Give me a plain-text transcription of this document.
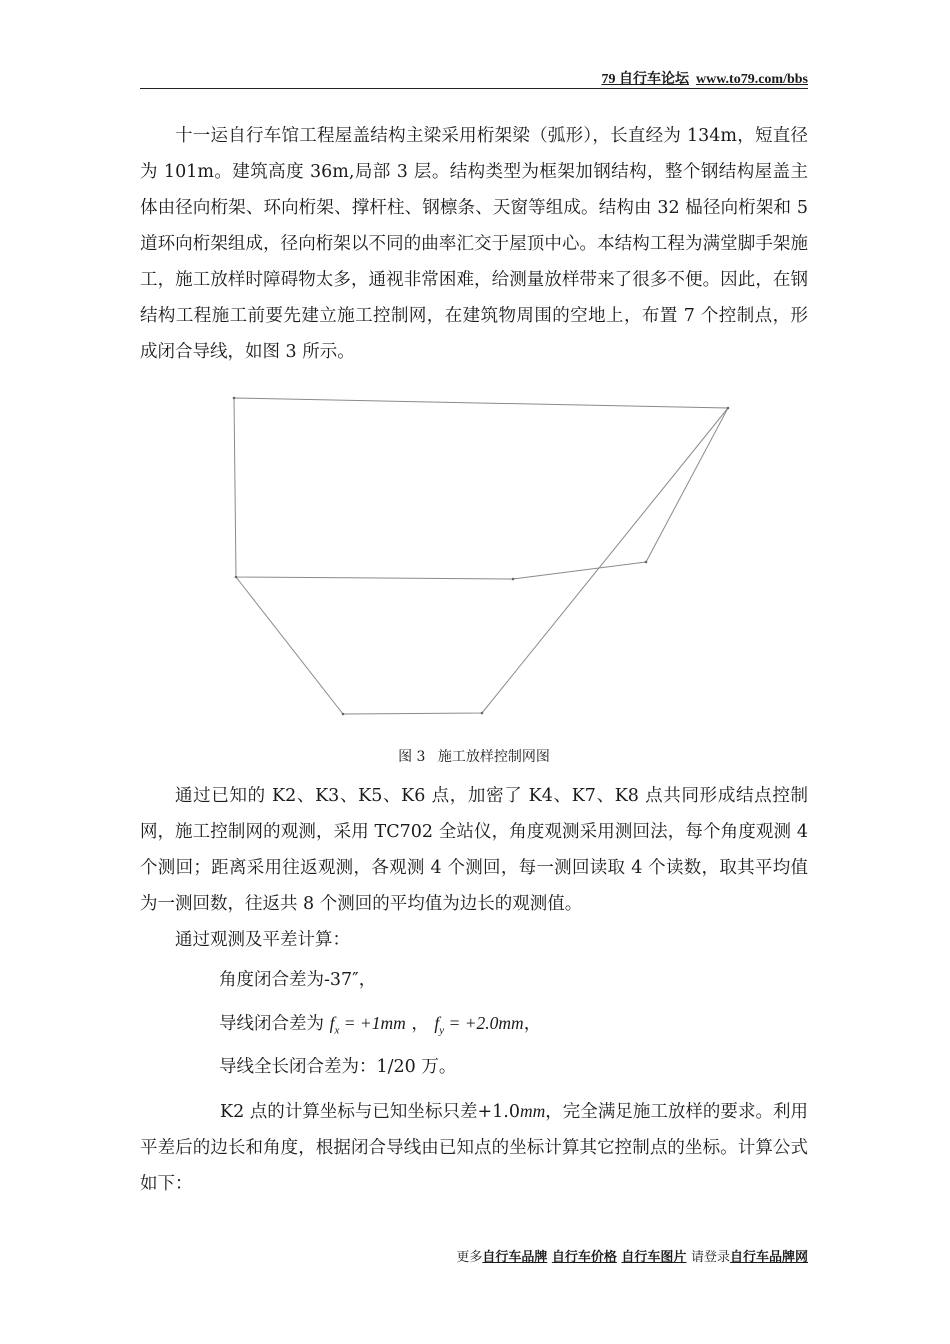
79 自行车论坛 www.to79.com/bbs

十一运自行车馆工程屋盖结构主梁采用桁架梁（弧形），长直经为 134m，短直径为 101m。建筑高度 36m,局部 3 层。结构类型为框架加钢结构，整个钢结构屋盖主体由径向桁架、环向桁架、撑杆柱、钢檩条、天窗等组成。结构由 32 榀径向桁架和 5 道环向桁架组成，径向桁架以不同的曲率汇交于屋顶中心。本结构工程为满堂脚手架施工，施工放样时障碍物太多，通视非常困难，给测量放样带来了很多不便。因此，在钢结构工程施工前要先建立施工控制网，在建筑物周围的空地上，布置 7 个控制点，形成闭合导线，如图 3 所示。

图 3 施工放样控制网图

通过已知的 K2、K3、K5、K6 点，加密了 K4、K7、K8 点共同形成结点控制网， 施工控制网的观测，采用 TC702 全站仪，角度观测采用测回法，每个角度观测 4 个测回；距离采用往返观测，各观测 4 个测回，每一测回读取 4 个读数，取其平均值为一测回数，往返共 8 个测回的平均值为边长的观测值。

通过观测及平差计算：

角度闭合差为-37″，

导线闭合差为 $f_x = +1mm$ ， $f_y = +2.0mm$，

导线全长闭合差为：1/20 万。

K2 点的计算坐标与已知坐标只差+1.0mm，完全满足施工放样的要求。利用平差后的边长和角度，根据闭合导线由已知点的坐标计算其它控制点的坐标。计算公式如下：

更多自行车品牌 自行车价格 自行车图片 请登录自行车品牌网
